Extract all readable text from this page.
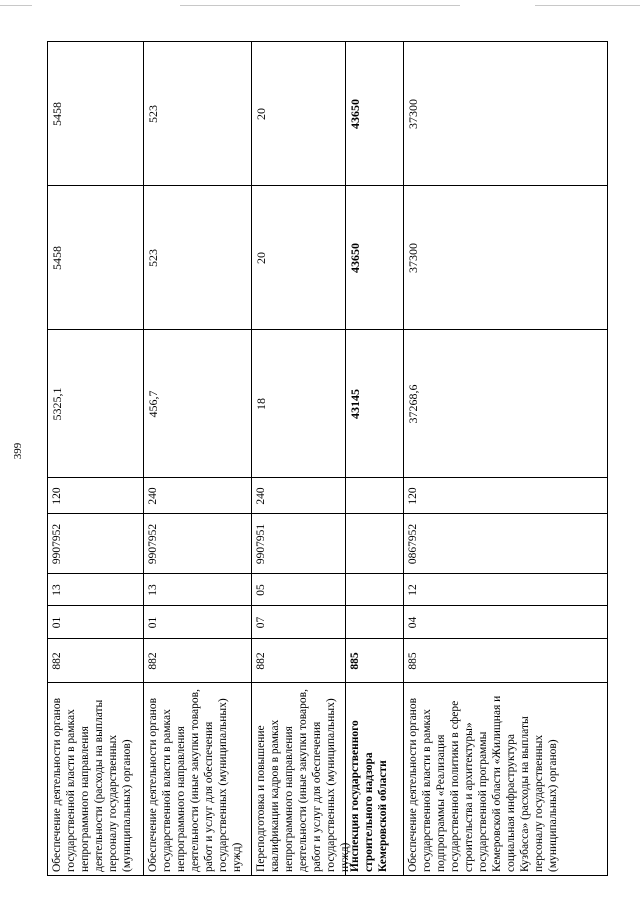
399
Обеспечение деятельности органов государственной власти в рамках непрограммного направления деятельности (расходы на выплаты персоналу государственных (муниципальных) органов)
882
01
13
9907952
120
5325,1
5458
5458
Обеспечение деятельности органов государственной власти в рамках непрограммного направления деятельности (иные закупки товаров, работ и услуг для обеспечения государственных (муниципальных) нужд)
882
01
13
9907952
240
456,7
523
523
Переподготовка и повышение квалификации кадров в рамках непрограммного направления деятельности (иные закупки товаров, работ и услуг для обеспечения государственных (муниципальных) нужд)
882
07
05
9907951
240
18
20
20
Инспекция государственного строительного надзора Кемеровской области
885
43145
43650
43650
Обеспечение деятельности органов государственной власти в рамках подпрограммы «Реализация государственной политики в сфере строительства и архитектуры» государственной программы Кемеровской области «Жилищная и социальная инфраструктура Кузбасса» (расходы на выплаты персоналу государственных (муниципальных) органов)
885
04
12
0867952
120
37268,6
37300
37300
